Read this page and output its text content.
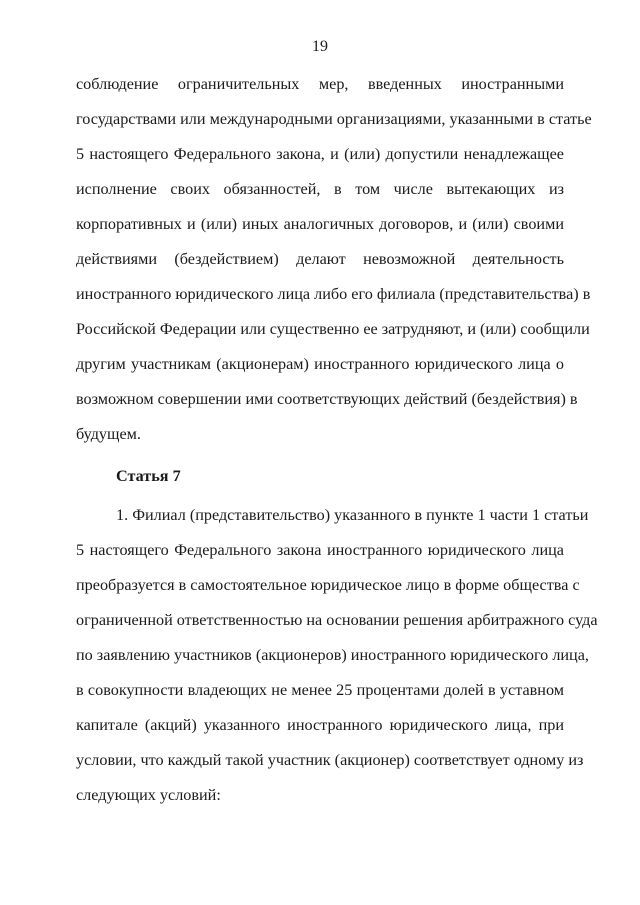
19
соблюдение ограничительных мер, введенных иностранными
государствами или международными организациями, указанными в статье
5 настоящего Федерального закона, и (или) допустили ненадлежащее
исполнение своих обязанностей, в том числе вытекающих из
корпоративных и (или) иных аналогичных договоров, и (или) своими
действиями (бездействием) делают невозможной деятельность
иностранного юридического лица либо его филиала (представительства) в
Российской Федерации или существенно ее затрудняют, и (или) сообщили
другим участникам (акционерам) иностранного юридического лица о
возможном совершении ими соответствующих действий (бездействия) в
будущем.
Статья 7
1. Филиал (представительство) указанного в пункте 1 части 1 статьи
5 настоящего Федерального закона иностранного юридического лица
преобразуется в самостоятельное юридическое лицо в форме общества с
ограниченной ответственностью на основании решения арбитражного суда
по заявлению участников (акционеров) иностранного юридического лица,
в совокупности владеющих не менее 25 процентами долей в уставном
капитале (акций) указанного иностранного юридического лица, при
условии, что каждый такой участник (акционер) соответствует одному из
следующих условий:
